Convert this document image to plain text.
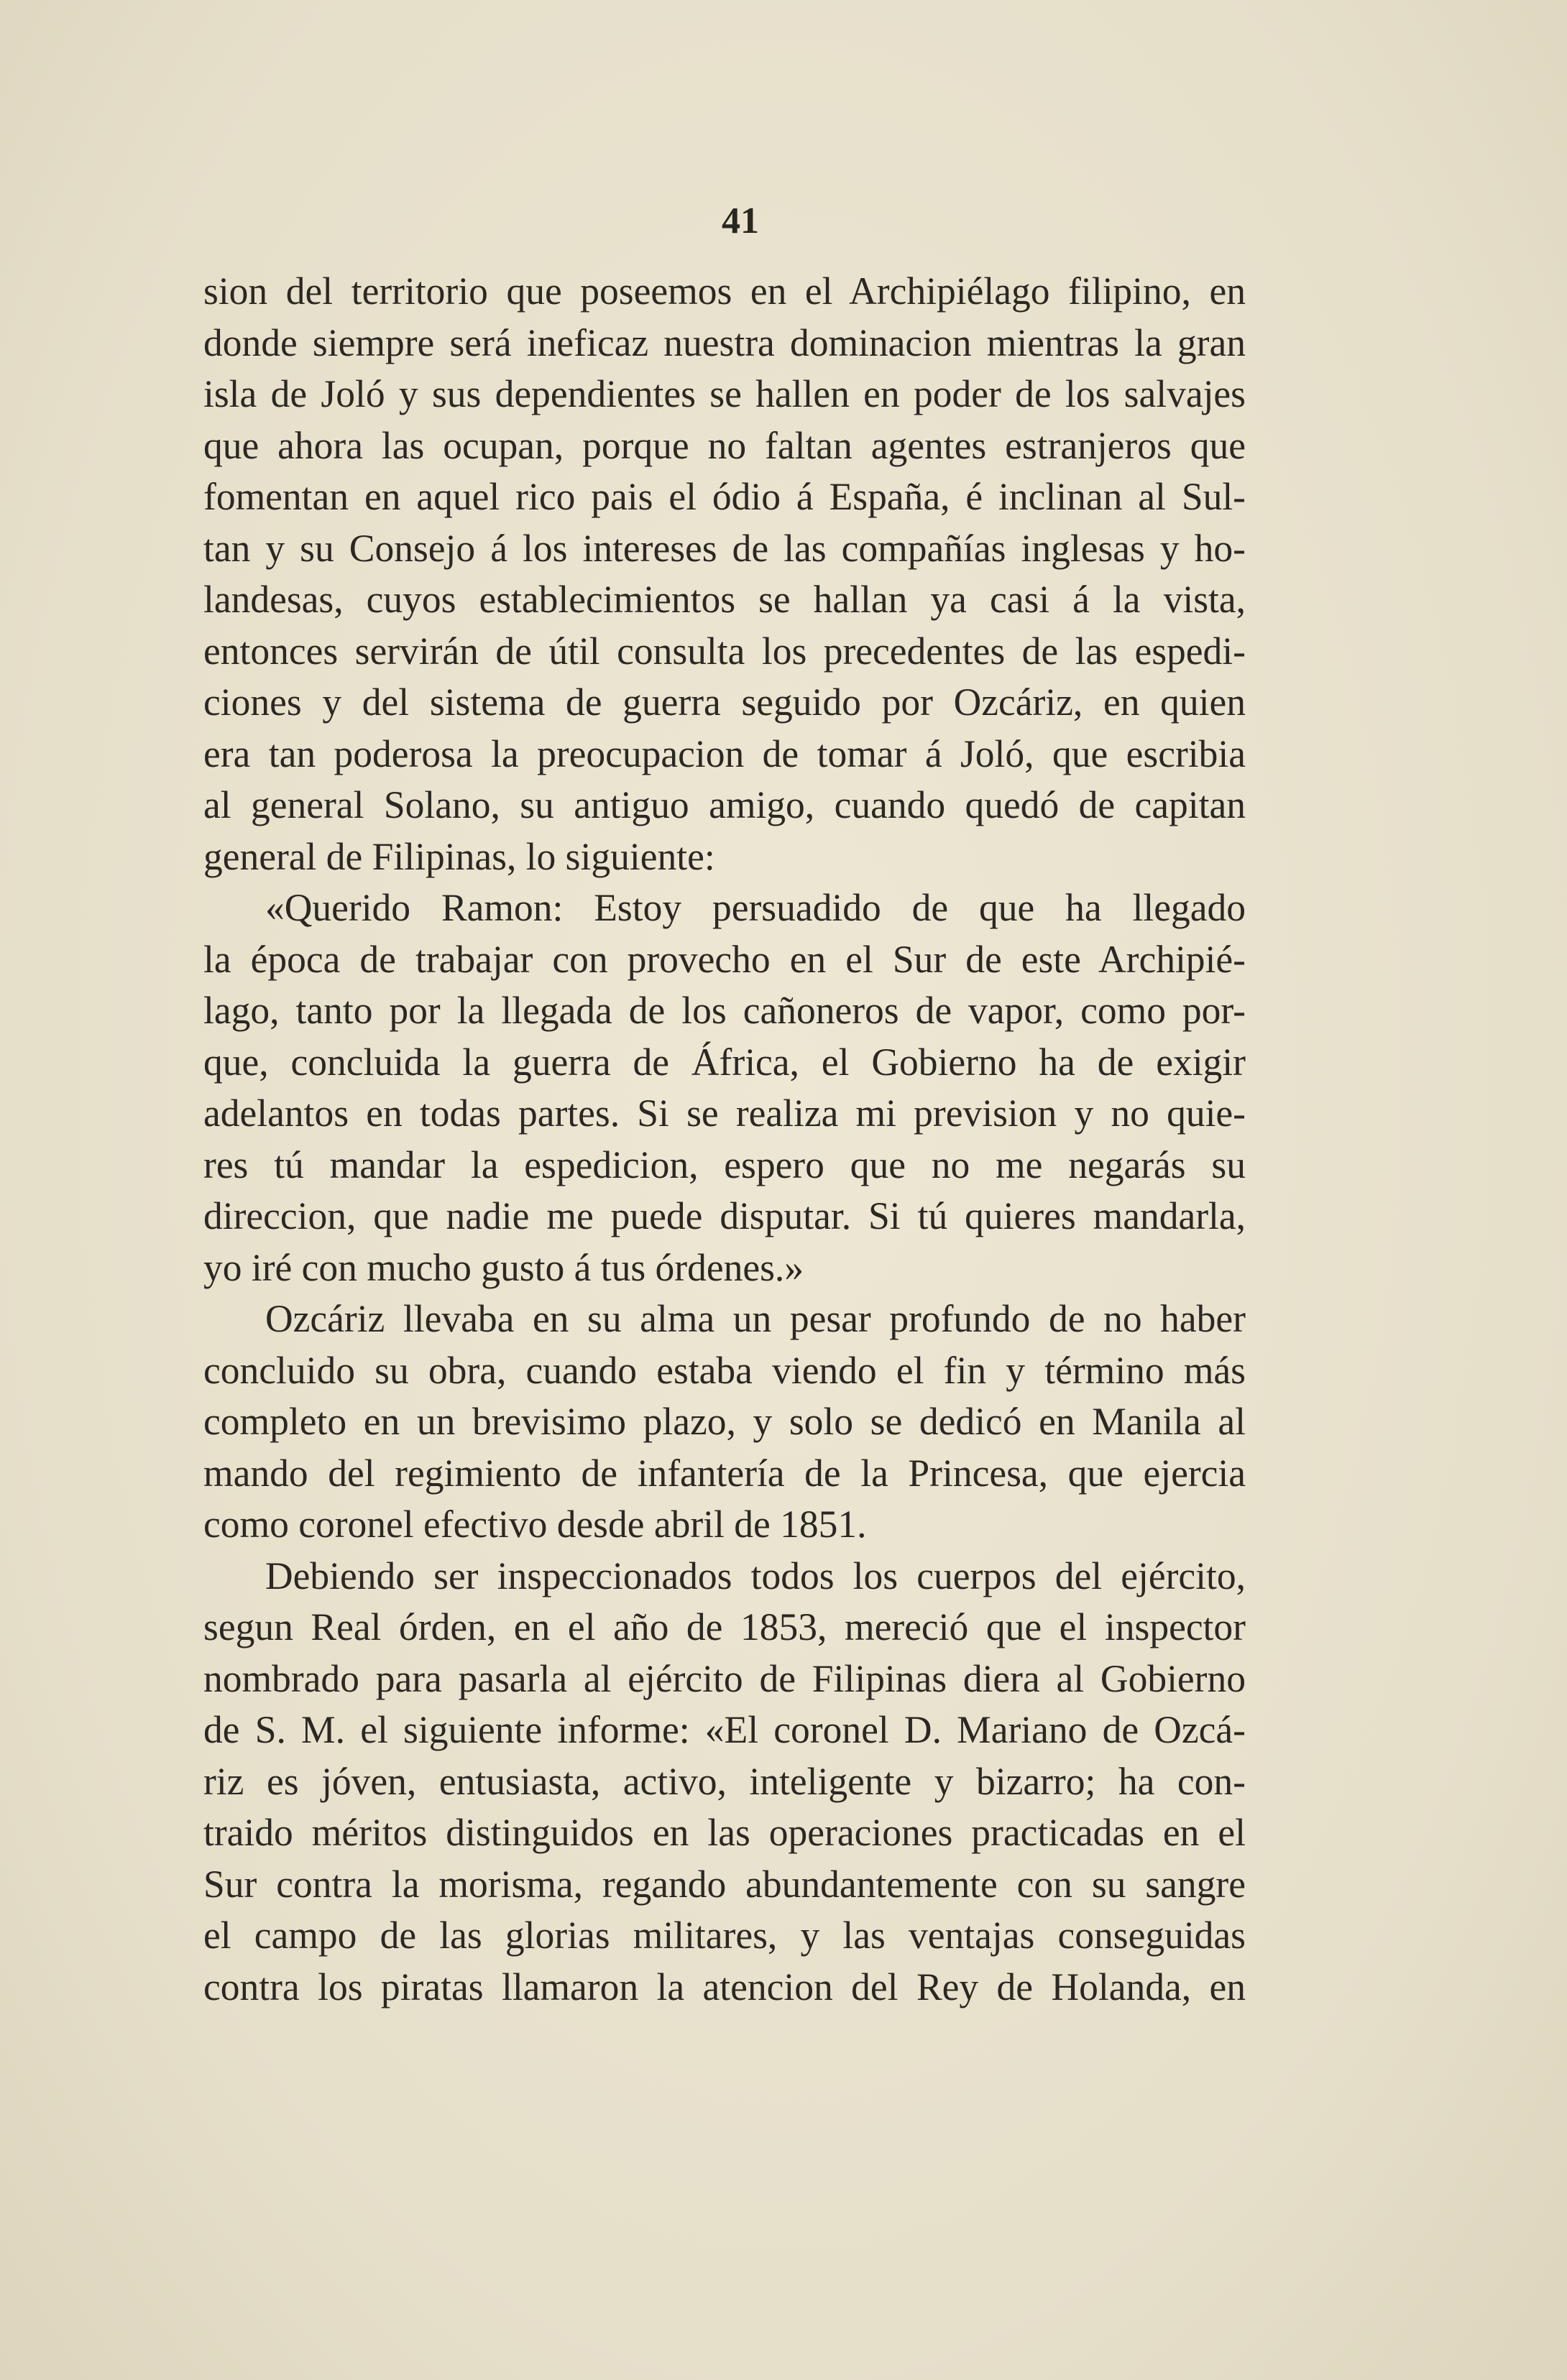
41
sion del territorio que poseemos en el Archipiélago filipino, en
donde siempre será ineficaz nuestra dominacion mientras la gran
isla de Joló y sus dependientes se hallen en poder de los salvajes
que ahora las ocupan, porque no faltan agentes estranjeros que
fomentan en aquel rico pais el ódio á España, é inclinan al Sul-
tan y su Consejo á los intereses de las compañías inglesas y ho-
landesas, cuyos establecimientos se hallan ya casi á la vista,
entonces servirán de útil consulta los precedentes de las espedi-
ciones y del sistema de guerra seguido por Ozcáriz, en quien
era tan poderosa la preocupacion de tomar á Joló, que escribia
al general Solano, su antiguo amigo, cuando quedó de capitan
general de Filipinas, lo siguiente:
«Querido Ramon: Estoy persuadido de que ha llegado
la época de trabajar con provecho en el Sur de este Archipié-
lago, tanto por la llegada de los cañoneros de vapor, como por-
que, concluida la guerra de África, el Gobierno ha de exigir
adelantos en todas partes. Si se realiza mi prevision y no quie-
res tú mandar la espedicion, espero que no me negarás su
direccion, que nadie me puede disputar. Si tú quieres mandarla,
yo iré con mucho gusto á tus órdenes.»
Ozcáriz llevaba en su alma un pesar profundo de no haber
concluido su obra, cuando estaba viendo el fin y término más
completo en un brevisimo plazo, y solo se dedicó en Manila al
mando del regimiento de infantería de la Princesa, que ejercia
como coronel efectivo desde abril de 1851.
Debiendo ser inspeccionados todos los cuerpos del ejército,
segun Real órden, en el año de 1853, mereció que el inspector
nombrado para pasarla al ejército de Filipinas diera al Gobierno
de S. M. el siguiente informe: «El coronel D. Mariano de Ozcá-
riz es jóven, entusiasta, activo, inteligente y bizarro; ha con-
traido méritos distinguidos en las operaciones practicadas en el
Sur contra la morisma, regando abundantemente con su sangre
el campo de las glorias militares, y las ventajas conseguidas
contra los piratas llamaron la atencion del Rey de Holanda, en
